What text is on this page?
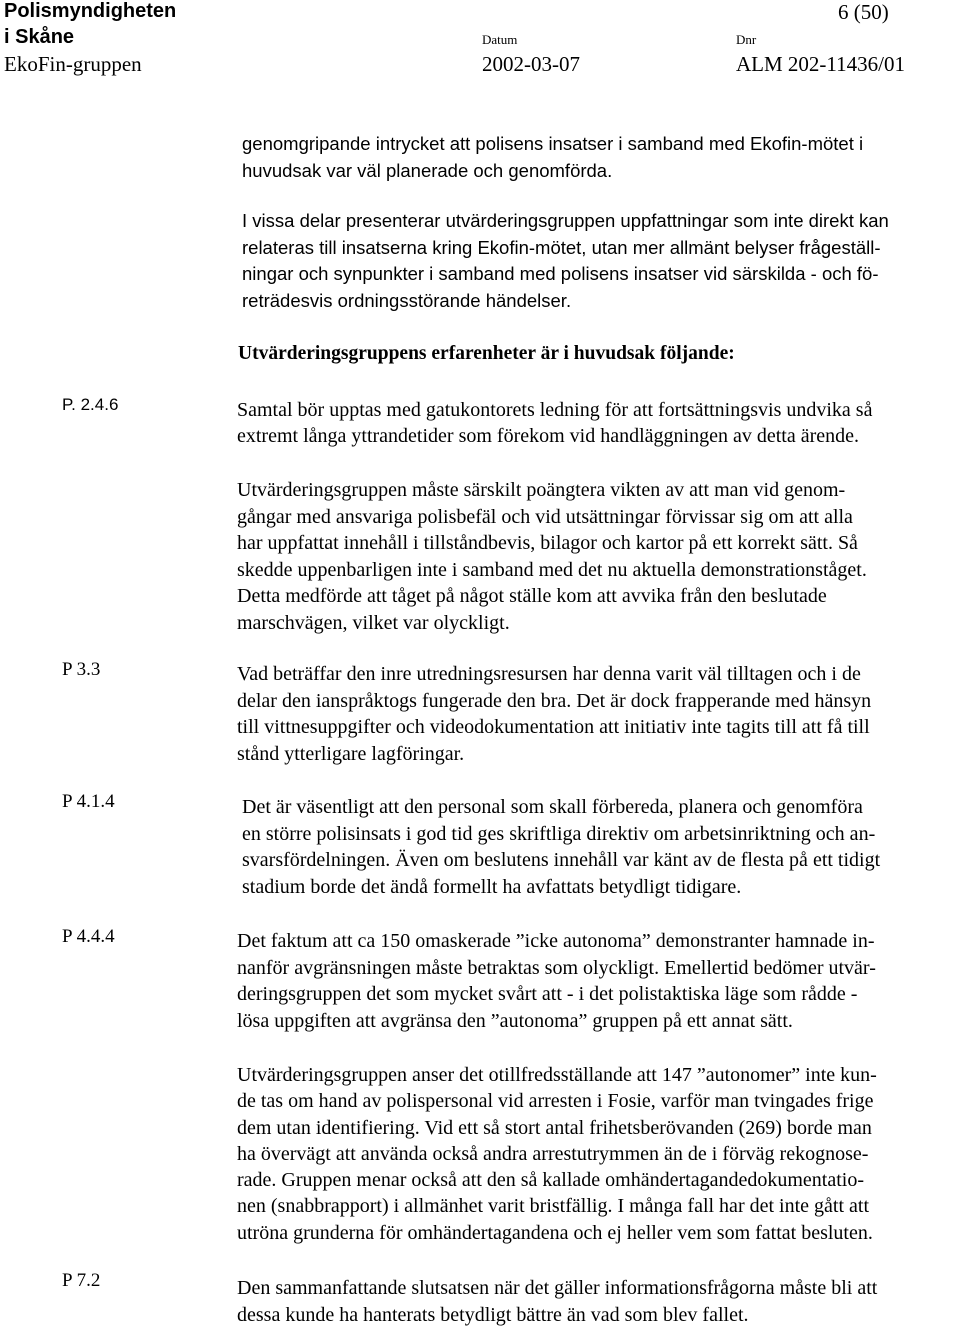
Polismyndigheten
i Skåne
EkoFin-gruppen
6 (50)
Datum
2002-03-07
Dnr
ALM 202-11436/01
genomgripande intrycket att polisens insatser i samband med Ekofin-mötet i
huvudsak var väl planerade och genomförda.
I vissa delar presenterar utvärderingsgruppen uppfattningar som inte direkt kan
relateras till insatserna kring Ekofin-mötet, utan mer allmänt belyser frågeställ-
ningar och synpunkter i samband med polisens insatser vid särskilda - och fö-
reträdesvis ordningsstörande händelser.
Utvärderingsgruppens erfarenheter är i huvudsak följande:
P. 2.4.6	Samtal bör upptas med gatukontorets ledning för att fortsättningsvis undvika så
extremt långa yttrandetider som förekom vid handläggningen av detta ärende.
Utvärderingsgruppen måste särskilt poängtera vikten av att man vid genom-
gångar med ansvariga polisbefäl och vid utsättningar förvissar sig om att alla
har uppfattat innehåll i tillståndbevis, bilagor och kartor på ett korrekt sätt. Så
skedde uppenbarligen inte i samband med det nu aktuella demonstrationståget.
Detta medförde att tåget på något ställe kom att avvika från den beslutade
marschvägen, vilket var olyckligt.
P 3.3	Vad beträffar den inre utredningsresursen har denna varit väl tilltagen och i de
delar den ianspråktogs fungerade den bra. Det är dock frapperande med hänsyn
till vittnesuppgifter och videodokumentation att initiativ inte tagits till att få till
stånd ytterligare lagföringar.
P 4.1.4	Det är väsentligt att den personal som skall förbereda, planera och genomföra
en större polisinsats i god tid ges skriftliga direktiv om arbetsinriktning och an-
svarsfördelningen. Även om beslutens innehåll var känt av de flesta på ett tidigt
stadium borde det ändå formellt ha avfattats betydligt tidigare.
P 4.4.4	Det faktum att ca 150 omaskerade ”icke autonoma” demonstranter hamnade in-
nanför avgränsningen måste betraktas som olyckligt. Emellertid bedömer utvär-
deringsgruppen det som mycket svårt att - i det polistaktiska läge som rådde -
lösa uppgiften att avgränsa den ”autonoma” gruppen på ett annat sätt.
Utvärderingsgruppen anser det otillfredsställande att 147 ”autonomer” inte kun-
de tas om hand av polispersonal vid arresten i Fosie, varför man tvingades frige
dem utan identifiering. Vid ett så stort antal frihetsberövanden (269) borde man
ha övervägt att använda också andra arrestutrymmen än de i förväg rekognose-
rade. Gruppen menar också att den så kallade omhändertagandedokumentatio-
nen (snabbrapport) i allmänhet varit bristfällig. I många fall har det inte gått att
utröna grunderna för omhändertagandena och ej heller vem som fattat besluten.
P 7.2	Den sammanfattande slutsatsen när det gäller informationsfrågorna måste bli att
dessa kunde ha hanterats betydligt bättre än vad som blev fallet.
